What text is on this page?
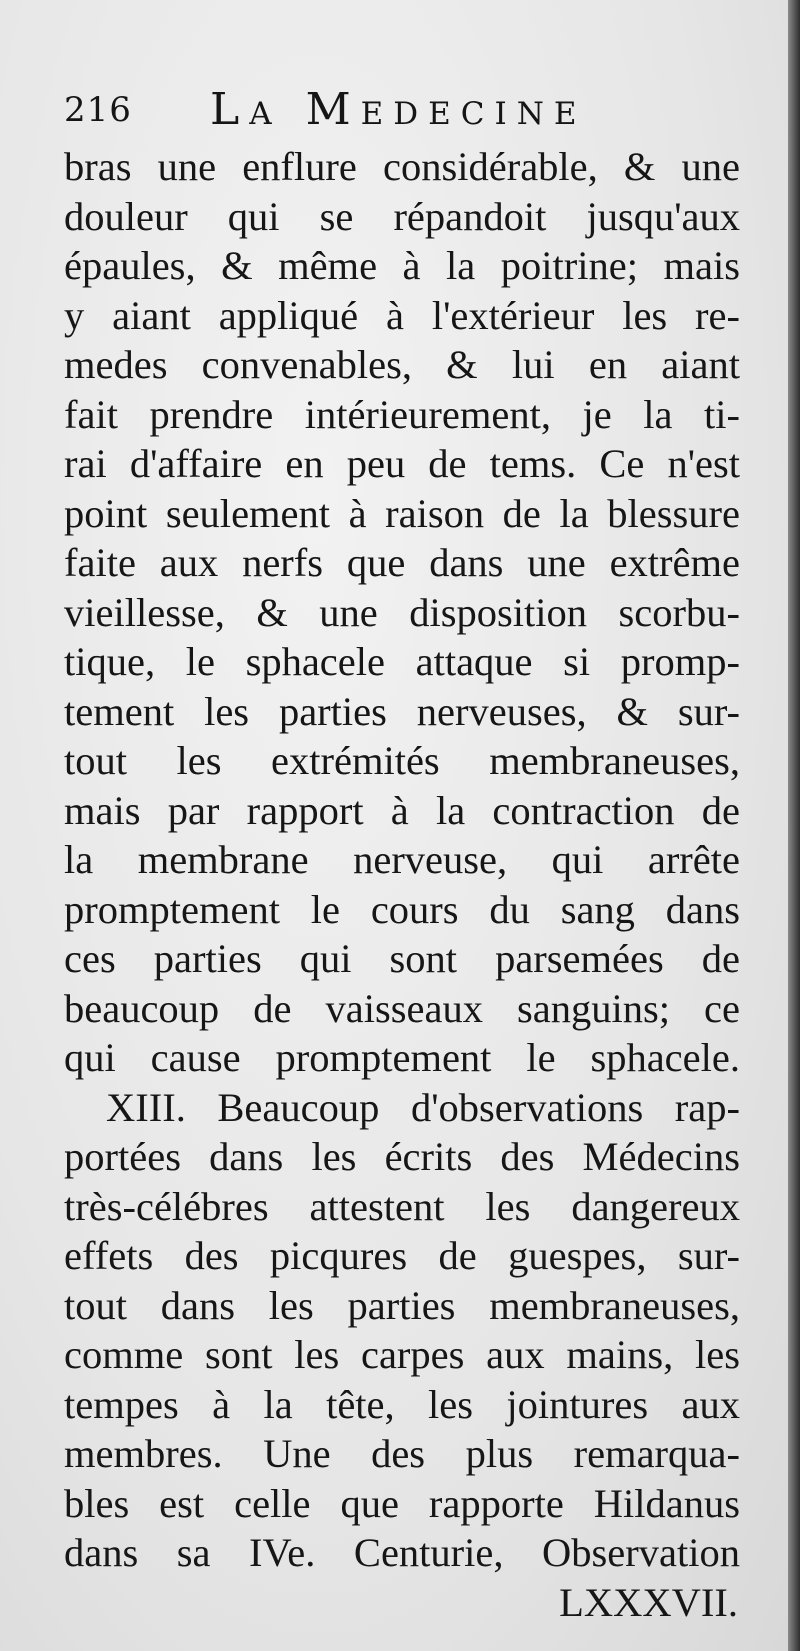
216 La Medecine
bras une enflure considérable, & une
douleur qui se répandoit jusqu'aux
épaules, & même à la poitrine; mais
y aiant appliqué à l'extérieur les re-
medes convenables, & lui en aiant
fait prendre intérieurement, je la ti-
rai d'affaire en peu de tems. Ce n'est
point seulement à raison de la blessure
faite aux nerfs que dans une extrême
vieillesse, & une disposition scorbu-
tique, le sphacele attaque si promp-
tement les parties nerveuses, & sur-
tout les extrémités membraneuses,
mais par rapport à la contraction de
la membrane nerveuse, qui arrête
promptement le cours du sang dans
ces parties qui sont parsemées de
beaucoup de vaisseaux sanguins; ce
qui cause promptement le sphacele.
XIII. Beaucoup d'observations rap-
portées dans les écrits des Médecins
très-célébres attestent les dangereux
effets des picqures de guespes, sur-
tout dans les parties membraneuses,
comme sont les carpes aux mains, les
tempes à la tête, les jointures aux
membres. Une des plus remarqua-
bles est celle que rapporte Hildanus
dans sa IVe. Centurie, Observation
LXXXVII.
